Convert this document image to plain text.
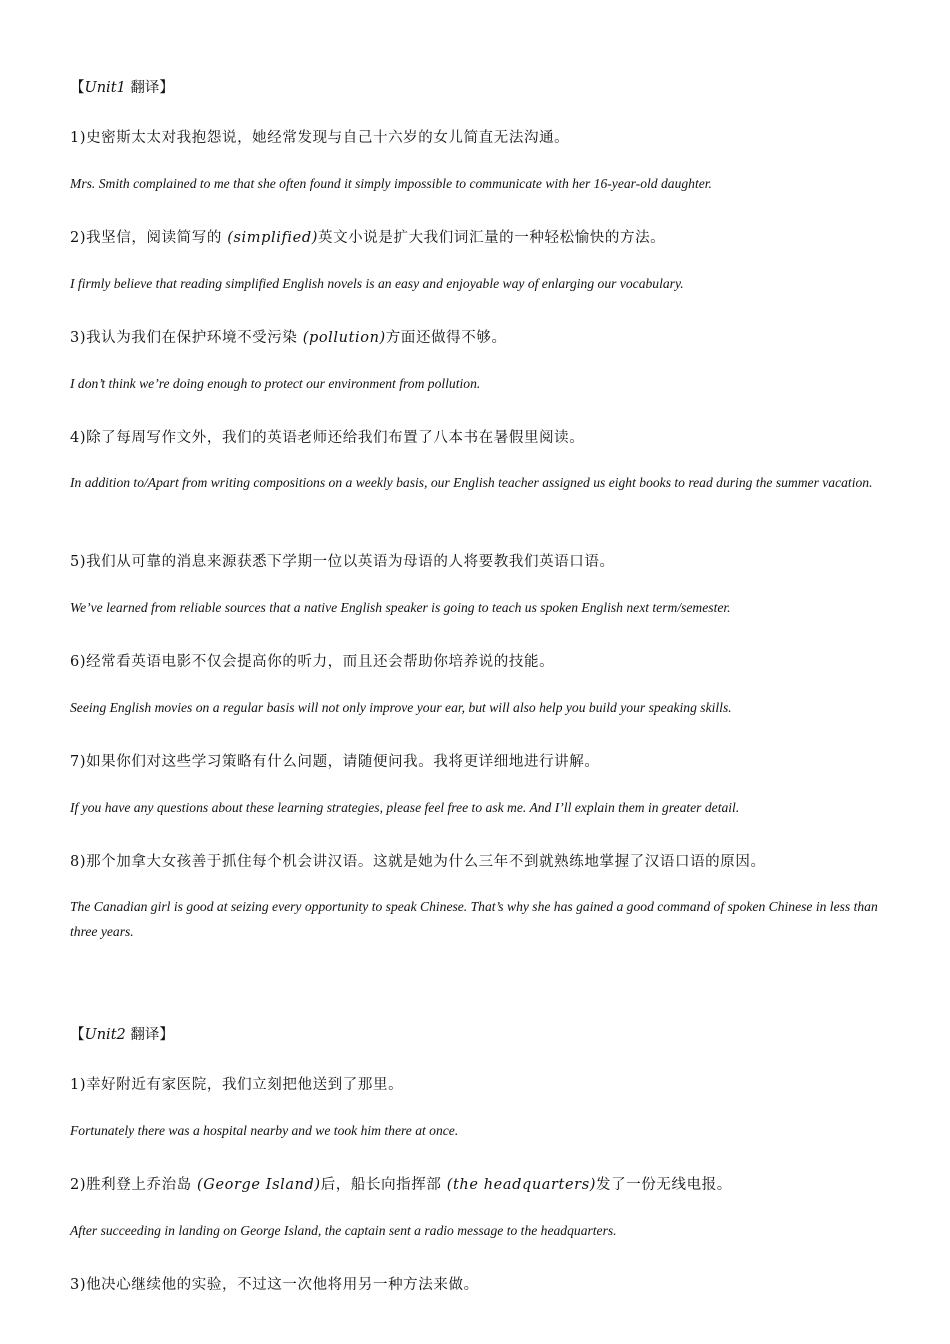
【Unit1 翻译】
1)史密斯太太对我抱怨说，她经常发现与自己十六岁的女儿简直无法沟通。
Mrs. Smith complained to me that she often found it simply impossible to communicate with her 16-year-old daughter.
2)我坚信，阅读简写的 (simplified)英文小说是扩大我们词汇量的一种轻松愉快的方法。
I firmly believe that reading simplified English novels is an easy and enjoyable way of enlarging our vocabulary.
3)我认为我们在保护环境不受污染 (pollution)方面还做得不够。
I don’t think we’re doing enough to protect our environment from pollution.
4)除了每周写作文外，我们的英语老师还给我们布置了八本书在暑假里阅读。
In addition to/Apart from writing compositions on a weekly basis, our English teacher assigned us eight books to read during the summer vacation.
5)我们从可靠的消息来源获悉下学期一位以英语为母语的人将要教我们英语口语。
We’ve learned from reliable sources that a native English speaker is going to teach us spoken English next term/semester.
6)经常看英语电影不仅会提高你的听力，而且还会帮助你培养说的技能。
Seeing English movies on a regular basis will not only improve your ear, but will also help you build your speaking skills.
7)如果你们对这些学习策略有什么问题，请随便问我。我将更详细地进行讲解。
If you have any questions about these learning strategies, please feel free to ask me. And I’ll explain them in greater detail.
8)那个加拿大女孩善于抓住每个机会讲汉语。这就是她为什么三年不到就熟练地掌握了汉语口语的原因。
The Canadian girl is good at seizing every opportunity to speak Chinese. That’s why she has gained a good command of spoken Chinese in less than three years.
【Unit2 翻译】
1)幸好附近有家医院，我们立刻把他送到了那里。
Fortunately there was a hospital nearby and we took him there at once.
2)胜利登上乔治岛 (George Island)后，船长向指挥部 (the headquarters)发了一份无线电报。
After succeeding in landing on George Island, the captain sent a radio message to the headquarters.
3)他决心继续他的实验，不过这一次他将用另一种方法来做。
